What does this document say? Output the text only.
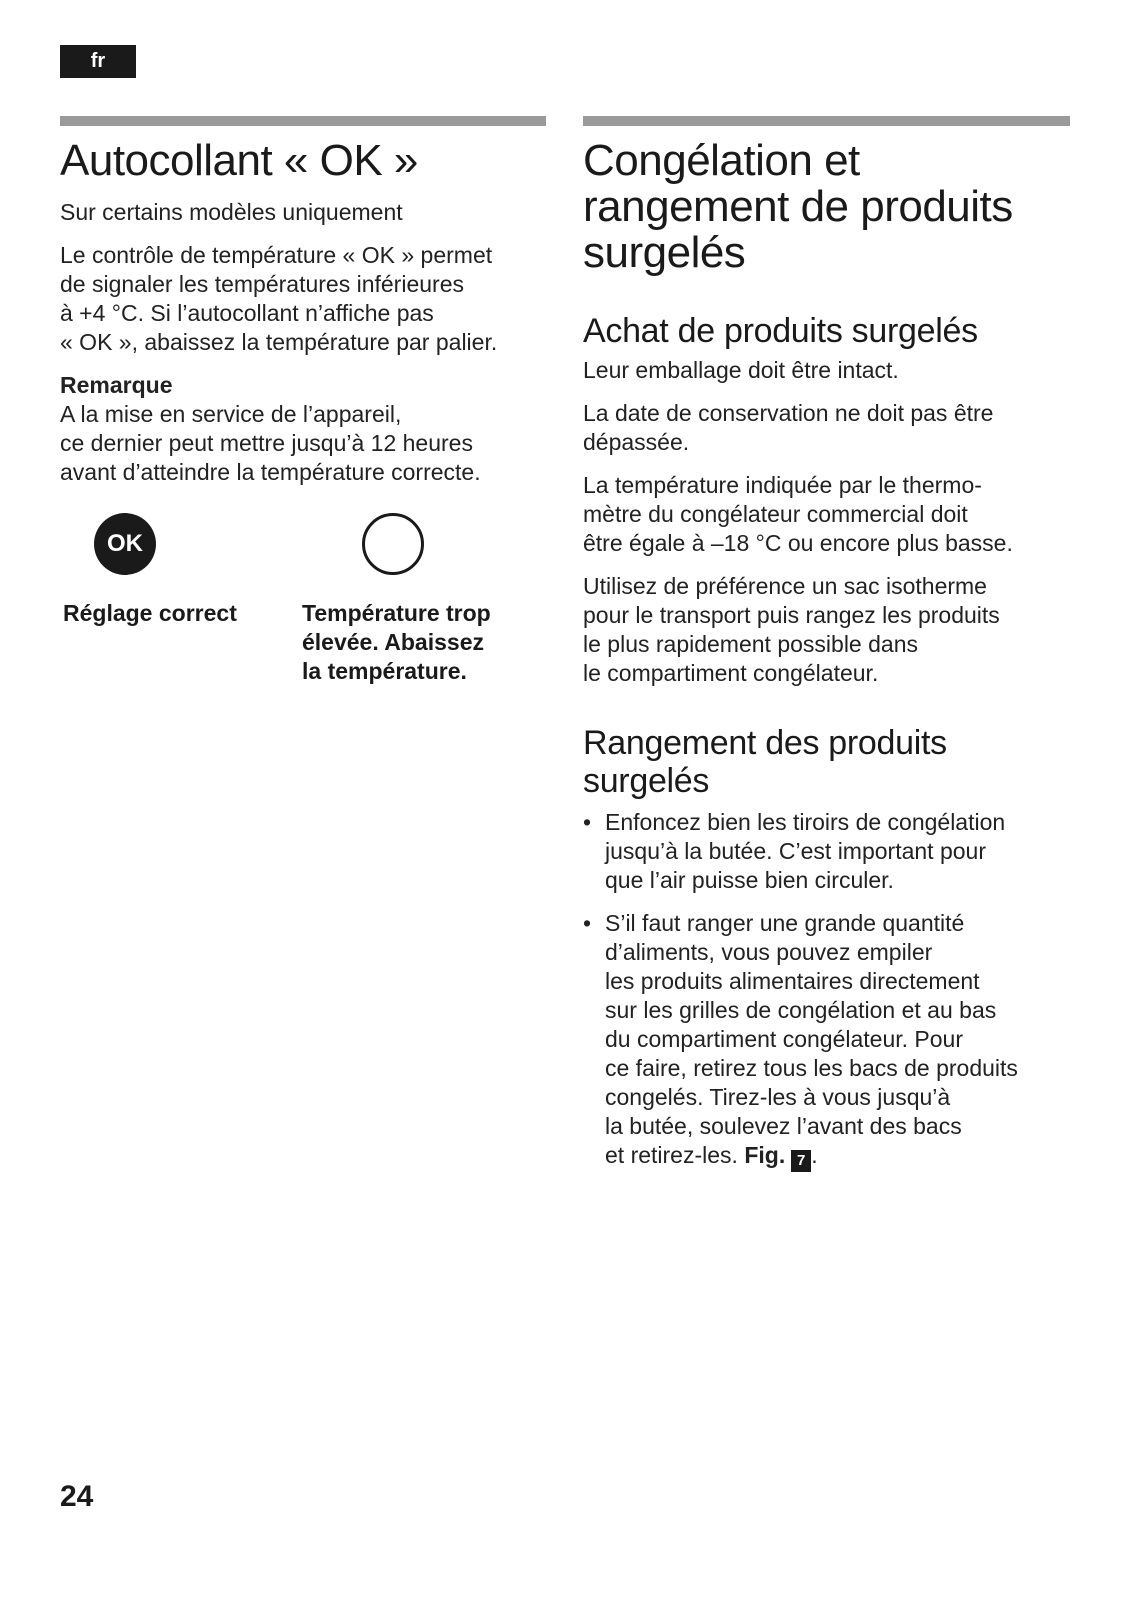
fr
Autocollant « OK »

Sur certains modèles uniquement

Le contrôle de température « OK » permet
de signaler les températures inférieures
à +4 °C. Si l’autocollant n’affiche pas
« OK », abaissez la température par palier.

Remarque

A la mise en service de l’appareil,
ce dernier peut mettre jusqu’à 12 heures
avant d’atteindre la température correcte.

OK
Réglage correct	Température trop
élevée. Abaissez
la température.
Congélation et
rangement de produits
surgelés
Achat de produits surgelés

Leur emballage doit être intact.

La date de conservation ne doit pas être
dépassée.

La température indiquée par le thermo-
mètre du congélateur commercial doit
être égale à –18 °C ou encore plus basse.

Utilisez de préférence un sac isotherme
pour le transport puis rangez les produits
le plus rapidement possible dans
le compartiment congélateur.

Rangement des produits
surgelés
• Enfoncez bien les tiroirs de congélation
jusqu’à la butée. C’est important pour
que l’air puisse bien circuler.
• S’il faut ranger une grande quantité
d’aliments, vous pouvez empiler
les produits alimentaires directement
sur les grilles de congélation et au bas
du compartiment congélateur. Pour
ce faire, retirez tous les bacs de produits
congelés. Tirez-les à vous jusqu’à
la butée, soulevez l’avant des bacs
et retirez-les. Fig. 7 .
24
